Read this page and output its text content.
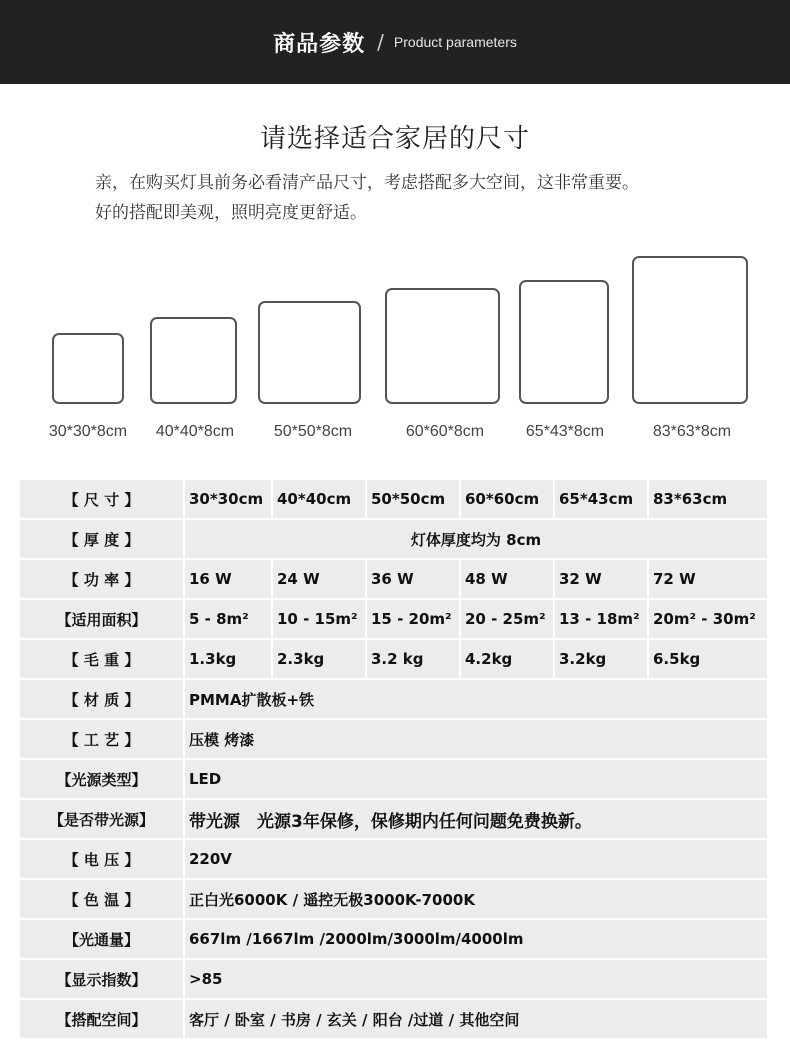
商品参数 / Product parameters
请选择适合家居的尺寸
亲，在购买灯具前务必看清产品尺寸，考虑搭配多大空间，这非常重要。
好的搭配即美观，照明亮度更舒适。
30*30*8cm 40*40*8cm 50*50*8cm	60*60*8cm	65*43*8cm	83*63*8cm
【 尺 寸 】	30*30cm	40*40cm	50*50cm	60*60cm	65*43cm	83*63cm
【 厚 度 】	灯体厚度均为 8cm					
【 功 率 】	16 W	24 W	36 W	48 W	32 W	72 W
【适用面积】	5 - 8m²	10 - 15m²	15 - 20m²	20 - 25m²	13 - 18m²	20m² - 30m²
【 毛 重 】	1.3kg	2.3kg	3.2 kg	4.2kg	3.2kg	6.5kg
【 材 质 】	PMMA扩散板+铁					
【 工 艺 】	压模 烤漆					
【光源类型】	LED					
【是否带光源】	带光源　光源3年保修，保修期内任何问题免费换新。					
【 电 压 】	220V					
【 色 温 】	正白光6000K / 遥控无极3000K-7000K					
【光通量】	667lm /1667lm /2000lm/3000lm/4000lm					
【显示指数】	>85					
【搭配空间】	客厅 / 卧室 / 书房 / 玄关 / 阳台 /过道 / 其他空间					
